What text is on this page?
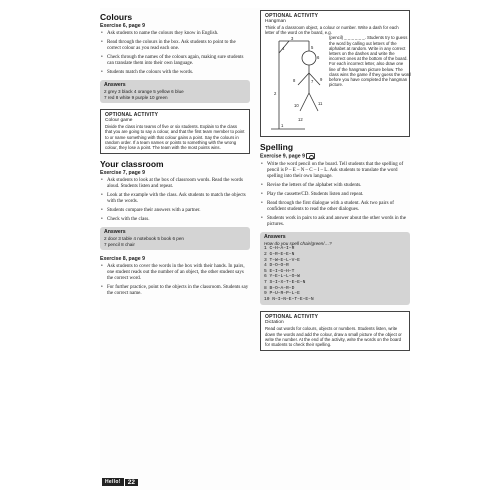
Colours
Exercise 6, page 9
• Ask students to name the colours they know in English.
• Read through the colours in the box. Ask students to point to the correct colour as you read each one.
• Check through the names of the colours again, making sure students can translate them into their own language.
• Students match the colours with the words.
Answers
2 grey 3 black 4 orange 5 yellow 6 blue
7 red 8 white 9 purple 10 green
OPTIONAL ACTIVITY
Colour game
Divide the class into teams of five or six students. Explain to the class that you are going to say a colour, and that the first team member to point to or name something with that colour gains a point. Say the colours in random order. If a team names or points to something with the wrong colour, they lose a point. The team with the most points wins.
Your classroom
Exercise 7, page 9
• Ask students to look at the box of classroom words. Read the words aloud. Students listen and repeat.
• Look at the example with the class. Ask students to match the objects with the words.
• Students compare their answers with a partner.
• Check with the class.
Answers
2 door 3 table 4 notebook 5 book 6 pen
7 pencil 8 chair
Exercise 8, page 9
• Ask students to cover the words in the box with their hands. In pairs, one student reads out the number of an object, the other student says the correct word.
• For further practice, point to the objects in the classroom. Students say the correct name.
OPTIONAL ACTIVITY
Hangman
Think of a classroom object, a colour or number. Write a dash for each letter of the word on the board, e.g.
1
2
3
4	5
6
7
8	9
10	11
12
(pencil) _ _ _ _ _ _. Students try to guess the word by calling out letters of the alphabet at random. Write in any correct letters on the dashes and write the incorrect ones at the bottom of the board. For each incorrect letter, also draw one line of the hangman picture below. The class wins the game if they guess the word before you have completed the hangman picture.
Spelling
Exercise 9, page 9
• Write the word pencil on the board. Tell students that the spelling of pencil is P – E – N – C – I – L. Ask students to translate the word spelling into their own language.
• Revise the letters of the alphabet with students.
• Play the cassette/CD. Students listen and repeat.
• Read through the first dialogue with a student. Ask two pairs of confident students to read the other dialogues.
• Students work in pairs to ask and answer about the other words in the pictures.
Answers
How do you spell chair/green/…?
1 C–H–A–I–R
2 G–R–E–E–N
3 T–W–E–L–V–E
4 D–O–O–R
5 E–I–G–H–T
6 Y–E–L–L–O–W
7 S–I–X–T–E–E–N
8 B–O–A–R–D
9 P–U–R–P–L–E
10 N–I–N–E–T–E–E–N
OPTIONAL ACTIVITY
Dictation
Read out words for colours, objects or numbers. Students listen, write down the words and add the colour, draw a small picture of the object or write the number. At the end of the activity, write the words on the board for students to check their spelling.
Hello!	22
